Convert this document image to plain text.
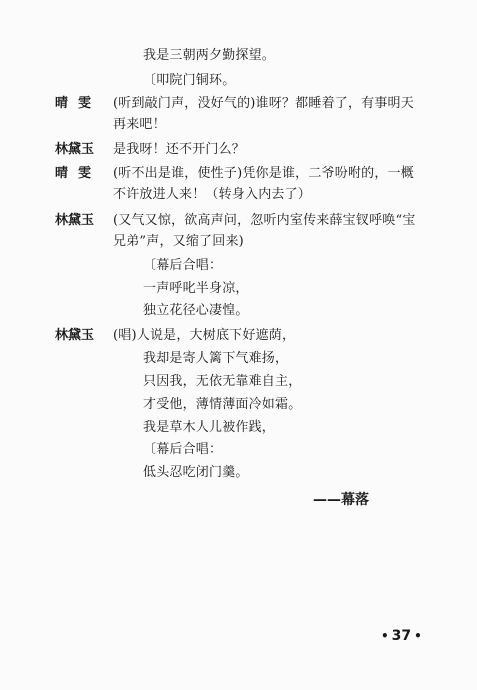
我是三朝两夕勤探望。
〔叩院门铜环。
晴雯 (听到敲门声，没好气的)谁呀？都睡着了，有事明天
再来吧！
林黛玉 是我呀！还不开门么？
晴雯 (听不出是谁，使性子)凭你是谁，二爷吩咐的，一概
不许放进人来！（转身入内去了）
林黛玉 (又气又惊，欲高声问，忽听内室传来薛宝钗呼唤“宝
兄弟”声，又缩了回来)
〔幕后合唱：
一声呼叱半身凉，
独立花径心凄惶。
林黛玉 (唱)人说是，大树底下好遮荫，
我却是寄人篱下气难扬，
只因我，无依无靠难自主，
才受他，薄情薄面冷如霜。
我是草木人儿被作践，
〔幕后合唱：
低头忍吃闭门羹。
——幕落
• 37 •
